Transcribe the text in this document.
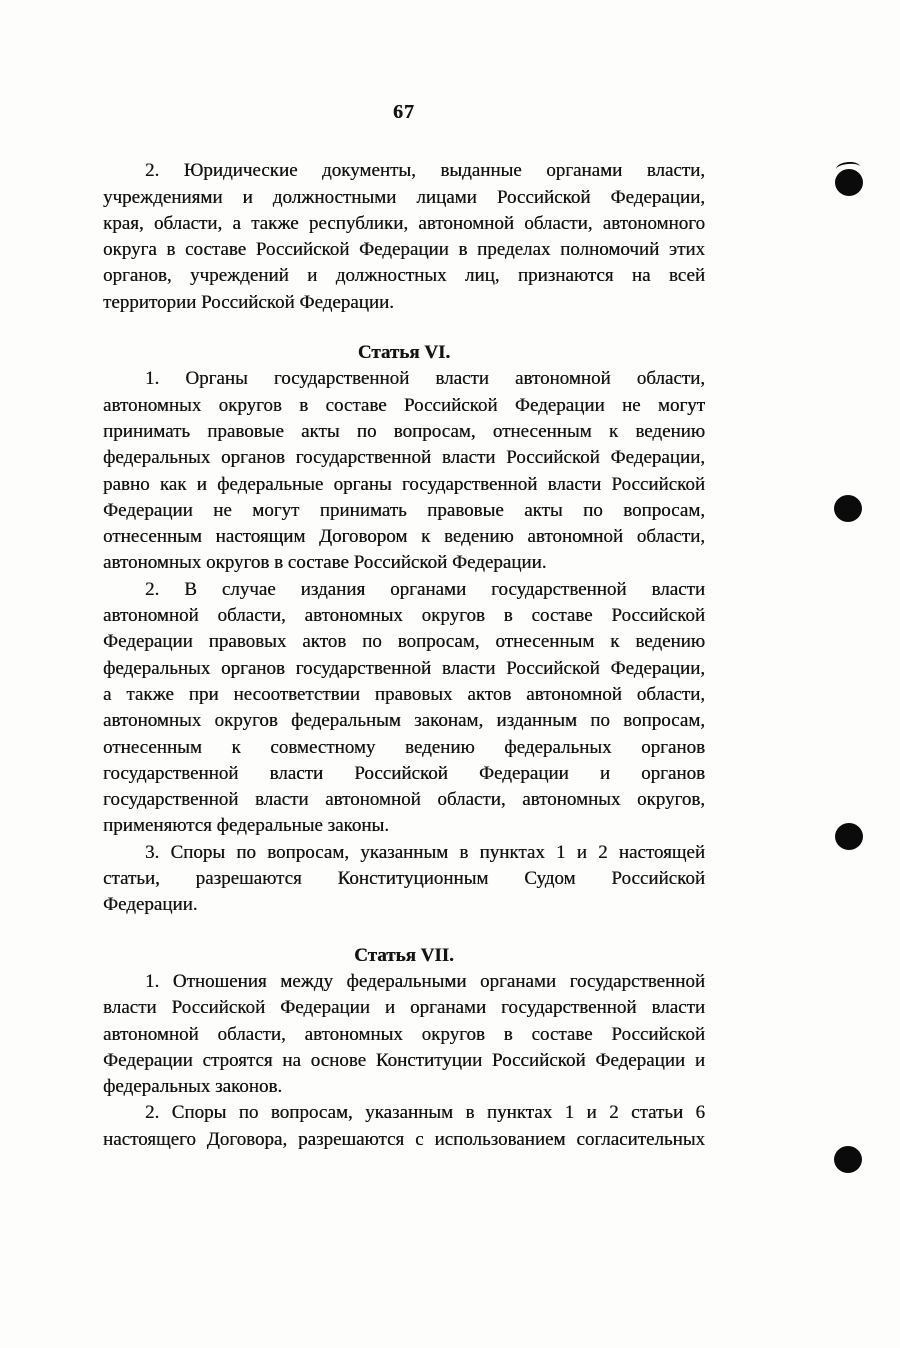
67
2. Юридические документы, выданные органами власти,
учреждениями и должностными лицами Российской Федерации,
края, области, а также республики, автономной области, автономного
округа в составе Российской Федерации в пределах полномочий этих
органов, учреждений и должностных лиц, признаются на всей
территории Российской Федерации.
Статья VI.
1. Органы государственной власти автономной области,
автономных округов в составе Российской Федерации не могут
принимать правовые акты по вопросам, отнесенным к ведению
федеральных органов государственной власти Российской Федерации,
равно как и федеральные органы государственной власти Российской
Федерации не могут принимать правовые акты по вопросам,
отнесенным настоящим Договором к ведению автономной области,
автономных округов в составе Российской Федерации.
2. В случае издания органами государственной власти
автономной области, автономных округов в составе Российской
Федерации правовых актов по вопросам, отнесенным к ведению
федеральных органов государственной власти Российской Федерации,
а также при несоответствии правовых актов автономной области,
автономных округов федеральным законам, изданным по вопросам,
отнесенным к совместному ведению федеральных органов
государственной власти Российской Федерации и органов
государственной власти автономной области, автономных округов,
применяются федеральные законы.
3. Споры по вопросам, указанным в пунктах 1 и 2 настоящей
статьи, разрешаются Конституционным Судом Российской
Федерации.
Статья VII.
1. Отношения между федеральными органами государственной
власти Российской Федерации и органами государственной власти
автономной области, автономных округов в составе Российской
Федерации строятся на основе Конституции Российской Федерации и
федеральных законов.
2. Споры по вопросам, указанным в пунктах 1 и 2 статьи 6
настоящего Договора, разрешаются с использованием согласительных
